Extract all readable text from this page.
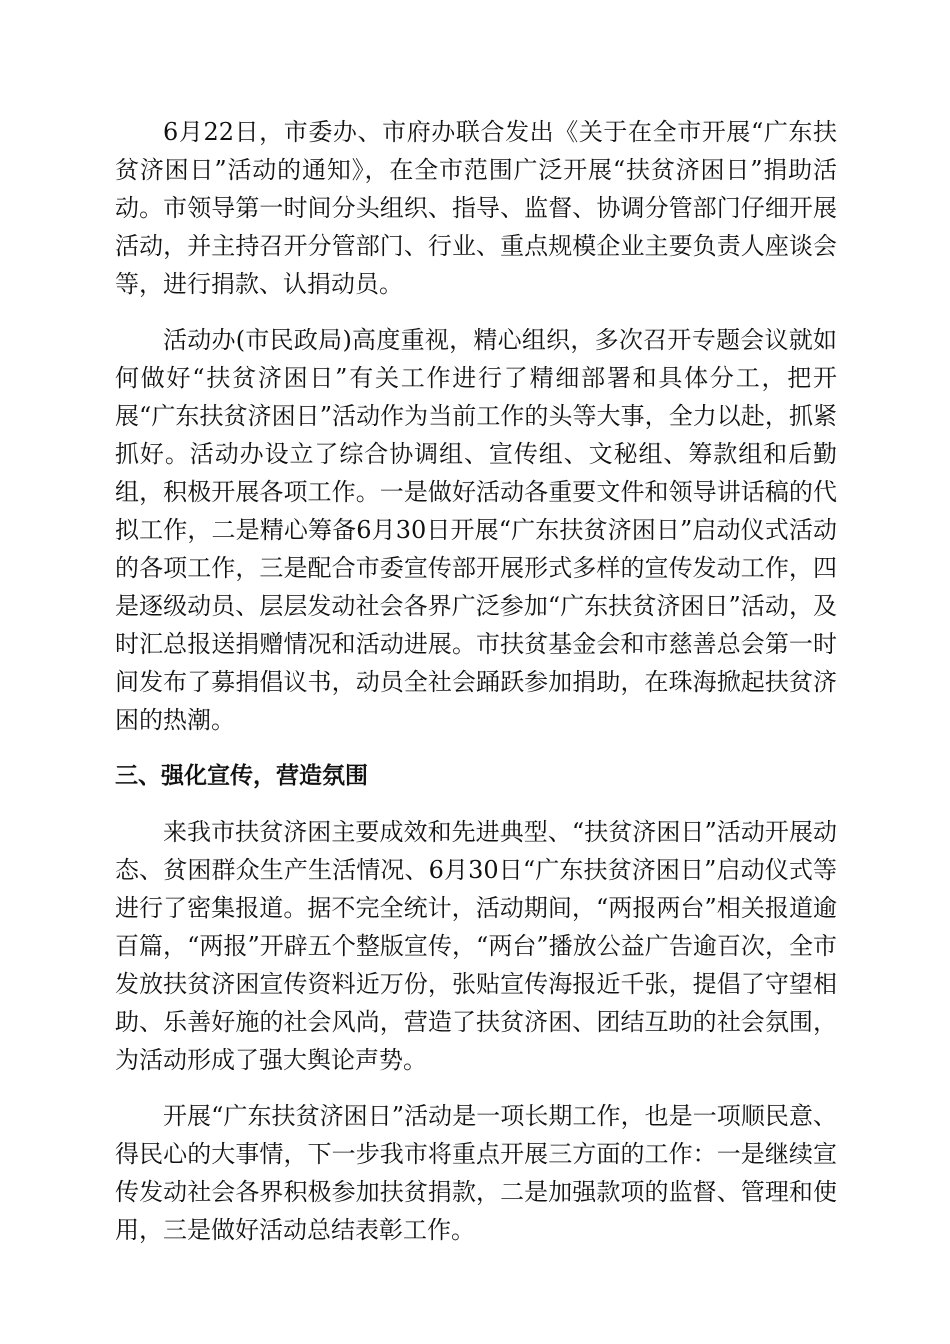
6月22日，市委办、市府办联合发出《关于在全市开展“广东扶贫济困日”活动的通知》，在全市范围广泛开展“扶贫济困日”捐助活动。市领导第一时间分头组织、指导、监督、协调分管部门仔细开展活动，并主持召开分管部门、行业、重点规模企业主要负责人座谈会等，进行捐款、认捐动员。

活动办(市民政局)高度重视，精心组织，多次召开专题会议就如何做好“扶贫济困日”有关工作进行了精细部署和具体分工，把开展“广东扶贫济困日”活动作为当前工作的头等大事，全力以赴，抓紧抓好。活动办设立了综合协调组、宣传组、文秘组、筹款组和后勤组，积极开展各项工作。一是做好活动各重要文件和领导讲话稿的代拟工作，二是精心筹备6月30日开展“广东扶贫济困日”启动仪式活动的各项工作，三是配合市委宣传部开展形式多样的宣传发动工作，四是逐级动员、层层发动社会各界广泛参加“广东扶贫济困日”活动，及时汇总报送捐赠情况和活动进展。市扶贫基金会和市慈善总会第一时间发布了募捐倡议书，动员全社会踊跃参加捐助，在珠海掀起扶贫济困的热潮。

三、强化宣传，营造氛围

来我市扶贫济困主要成效和先进典型、“扶贫济困日”活动开展动态、贫困群众生产生活情况、6月30日“广东扶贫济困日”启动仪式等进行了密集报道。据不完全统计，活动期间，“两报两台”相关报道逾百篇，“两报”开辟五个整版宣传，“两台”播放公益广告逾百次，全市发放扶贫济困宣传资料近万份，张贴宣传海报近千张，提倡了守望相助、乐善好施的社会风尚，营造了扶贫济困、团结互助的社会氛围，为活动形成了强大舆论声势。

开展“广东扶贫济困日”活动是一项长期工作，也是一项顺民意、得民心的大事情，下一步我市将重点开展三方面的工作：一是继续宣传发动社会各界积极参加扶贫捐款，二是加强款项的监督、管理和使用，三是做好活动总结表彰工作。
